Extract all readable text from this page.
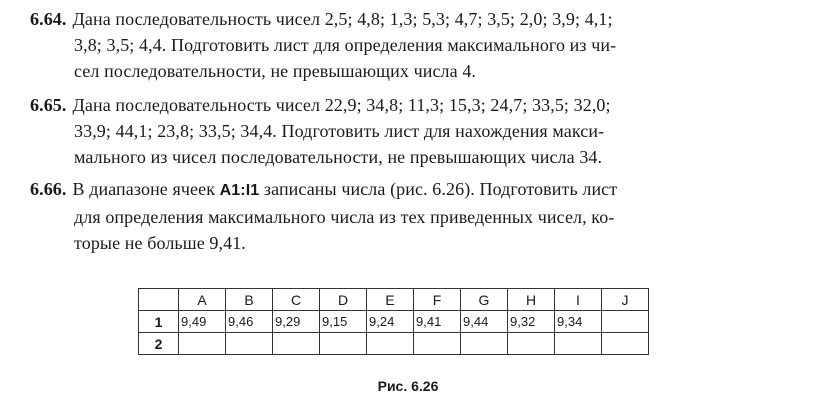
6.64. Дана последовательность чисел 2,5; 4,8; 1,3; 5,3; 4,7; 3,5; 2,0; 3,9; 4,1;
3,8; 3,5; 4,4. Подготовить лист для определения максимального из чи-
сел последовательности, не превышающих числа 4.
6.65. Дана последовательность чисел 22,9; 34,8; 11,3; 15,3; 24,7; 33,5; 32,0;
33,9; 44,1; 23,8; 33,5; 34,4. Подготовить лист для нахождения макси-
мального из чисел последовательности, не превышающих числа 34.
6.66. В диапазоне ячеек A1:I1 записаны числа (рис. 6.26). Подготовить лист
для определения максимального числа из тех приведенных чисел, ко-
торые не больше 9,41.
	A	B	C	D	E	F	G	H	I	J
1	9,49	9,46	9,29	9,15	9,24	9,41	9,44	9,32	9,34	
2										
Рис. 6.26
